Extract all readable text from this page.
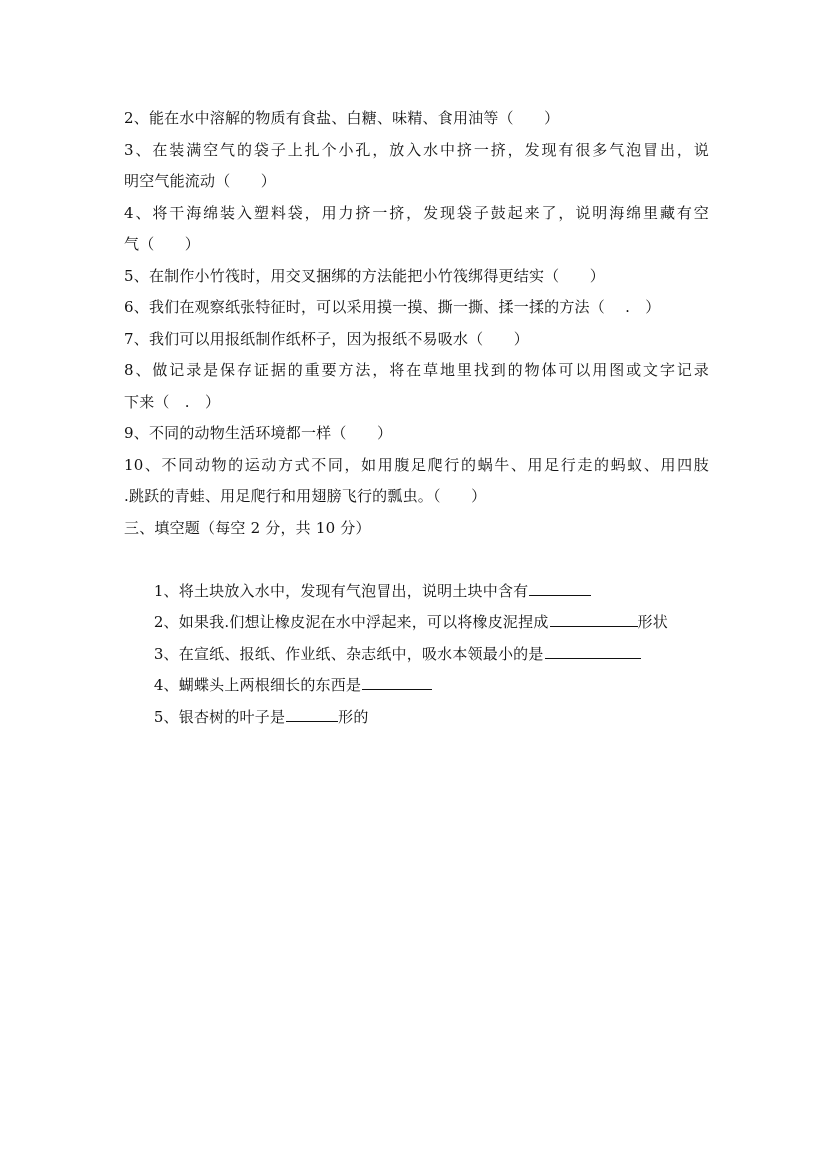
2、能在水中溶解的物质有食盐、白糖、味精、食用油等（　　）
3、在装满空气的袋子上扎个小孔，放入水中挤一挤，发现有很多气泡冒出，说
明空气能流动（　　）
4、将干海绵装入塑料袋，用力挤一挤，发现袋子鼓起来了，说明海绵里藏有空
气（　　）
5、在制作小竹筏时，用交叉捆绑的方法能把小竹筏绑得更结实（　　）
6、我们在观察纸张特征时，可以采用摸一摸、撕一撕、揉一揉的方法（　 .　）
7、我们可以用报纸制作纸杯子，因为报纸不易吸水（　　）
8、做记录是保存证据的重要方法，将在草地里找到的物体可以用图或文字记录
下来（　.　）
9、不同的动物生活环境都一样（　　）
10、不同动物的运动方式不同，如用腹足爬行的蜗牛、用足行走的蚂蚁、用四肢
.跳跃的青蛙、用足爬行和用翅膀飞行的瓢虫。（　　）
三、填空题（每空 2 分，共 10 分）

1、将土块放入水中，发现有气泡冒出，说明土块中含有

2、如果我.们想让橡皮泥在水中浮起来，可以将橡皮泥捏成	形状

3、在宣纸、报纸、作业纸、杂志纸中，吸水本领最小的是

4、蝴蝶头上两根细长的东西是

5、银杏树的叶子是	形的
